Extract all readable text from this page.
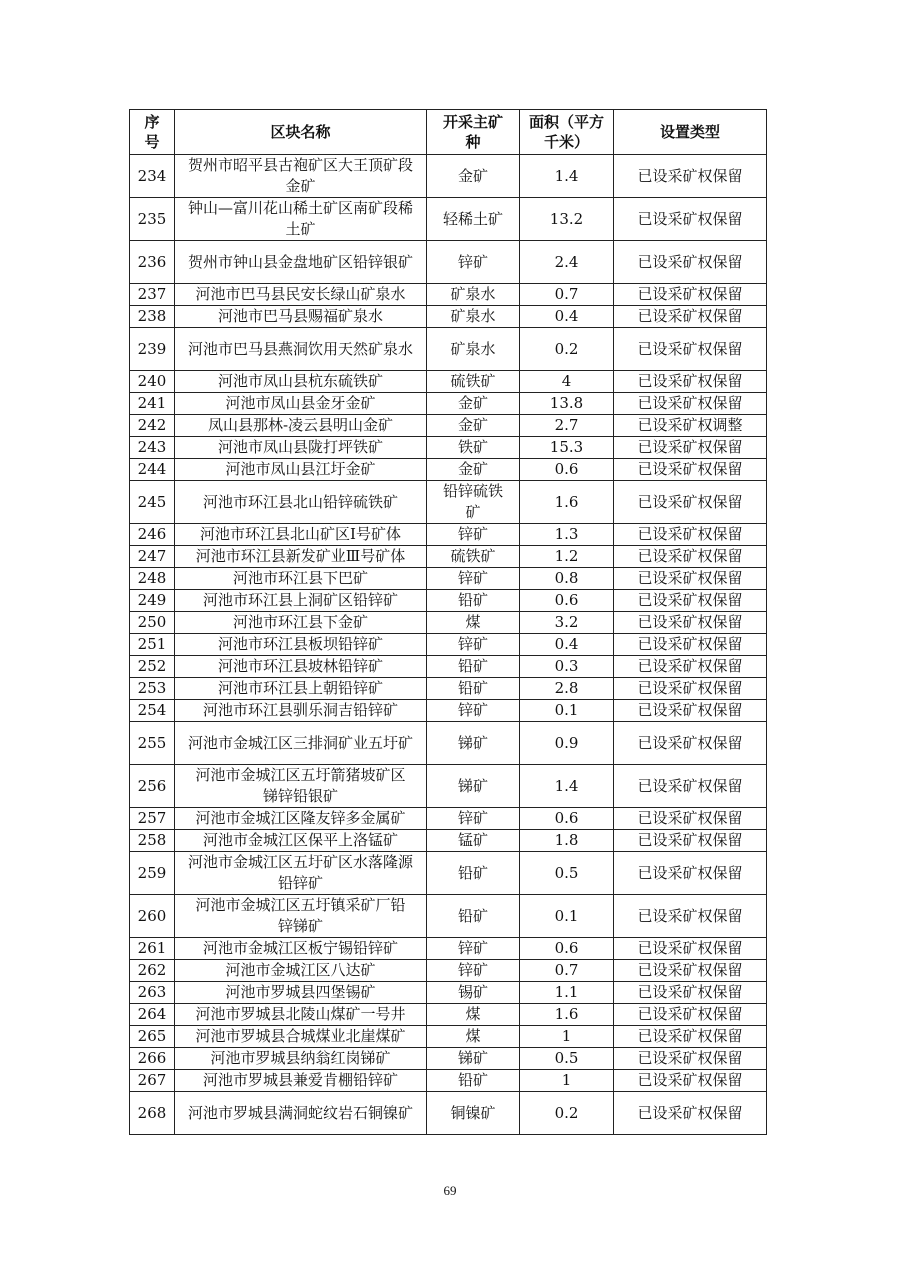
序号	区块名称	开采主矿种	面积（平方千米）	设置类型
234	贺州市昭平县古袍矿区大王顶矿段金矿	金矿	1.4	已设采矿权保留
235	钟山—富川花山稀土矿区南矿段稀土矿	轻稀土矿	13.2	已设采矿权保留
236	贺州市钟山县金盘地矿区铅锌银矿	锌矿	2.4	已设采矿权保留
237	河池市巴马县民安长绿山矿泉水	矿泉水	0.7	已设采矿权保留
238	河池市巴马县赐福矿泉水	矿泉水	0.4	已设采矿权保留
239	河池市巴马县燕洞饮用天然矿泉水	矿泉水	0.2	已设采矿权保留
240	河池市凤山县杭东硫铁矿	硫铁矿	4	已设采矿权保留
241	河池市凤山县金牙金矿	金矿	13.8	已设采矿权保留
242	凤山县那林-凌云县明山金矿	金矿	2.7	已设采矿权调整
243	河池市凤山县陇打坪铁矿	铁矿	15.3	已设采矿权保留
244	河池市凤山县江圩金矿	金矿	0.6	已设采矿权保留
245	河池市环江县北山铅锌硫铁矿	铅锌硫铁矿	1.6	已设采矿权保留
246	河池市环江县北山矿区Ⅰ号矿体	锌矿	1.3	已设采矿权保留
247	河池市环江县新发矿业Ⅲ号矿体	硫铁矿	1.2	已设采矿权保留
248	河池市环江县下巴矿	锌矿	0.8	已设采矿权保留
249	河池市环江县上洞矿区铅锌矿	铅矿	0.6	已设采矿权保留
250	河池市环江县下金矿	煤	3.2	已设采矿权保留
251	河池市环江县板坝铅锌矿	锌矿	0.4	已设采矿权保留
252	河池市环江县坡林铅锌矿	铅矿	0.3	已设采矿权保留
253	河池市环江县上朝铅锌矿	铅矿	2.8	已设采矿权保留
254	河池市环江县驯乐洞吉铅锌矿	锌矿	0.1	已设采矿权保留
255	河池市金城江区三排洞矿业五圩矿	锑矿	0.9	已设采矿权保留
256	河池市金城江区五圩箭猪坡矿区锑锌铅银矿	锑矿	1.4	已设采矿权保留
257	河池市金城江区隆友锌多金属矿	锌矿	0.6	已设采矿权保留
258	河池市金城江区保平上洛锰矿	锰矿	1.8	已设采矿权保留
259	河池市金城江区五圩矿区水落隆源铅锌矿	铅矿	0.5	已设采矿权保留
260	河池市金城江区五圩镇采矿厂铅锌锑矿	铅矿	0.1	已设采矿权保留
261	河池市金城江区板宁锡铅锌矿	锌矿	0.6	已设采矿权保留
262	河池市金城江区八达矿	锌矿	0.7	已设采矿权保留
263	河池市罗城县四堡锡矿	锡矿	1.1	已设采矿权保留
264	河池市罗城县北陵山煤矿一号井	煤	1.6	已设采矿权保留
265	河池市罗城县合城煤业北崖煤矿	煤	1	已设采矿权保留
266	河池市罗城县纳翁红岗锑矿	锑矿	0.5	已设采矿权保留
267	河池市罗城县兼爱肯棚铅锌矿	铅矿	1	已设采矿权保留
268	河池市罗城县满洞蛇纹岩石铜镍矿	铜镍矿	0.2	已设采矿权保留
69
